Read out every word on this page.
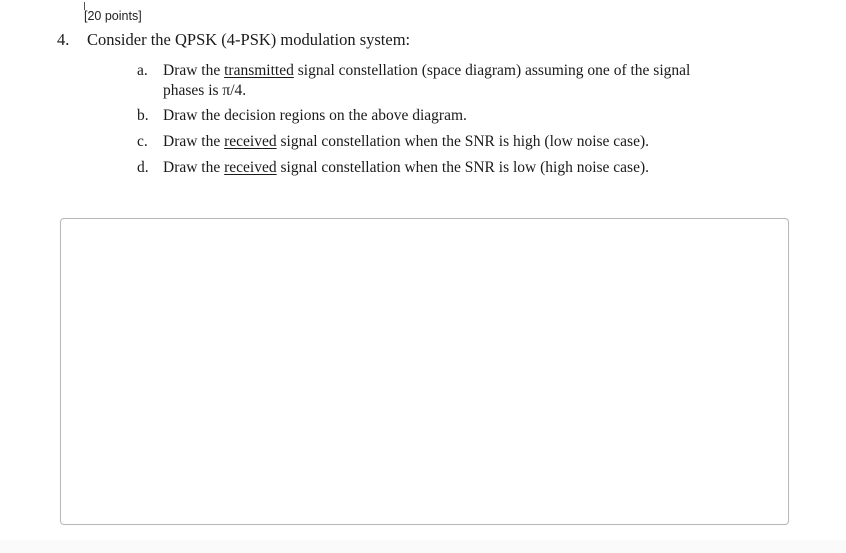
[20 points]
4. Consider the QPSK (4-PSK) modulation system:
a. Draw the transmitted signal constellation (space diagram) assuming one of the signal phases is π/4.
b. Draw the decision regions on the above diagram.
c. Draw the received signal constellation when the SNR is high (low noise case).
d. Draw the received signal constellation when the SNR is low (high noise case).
